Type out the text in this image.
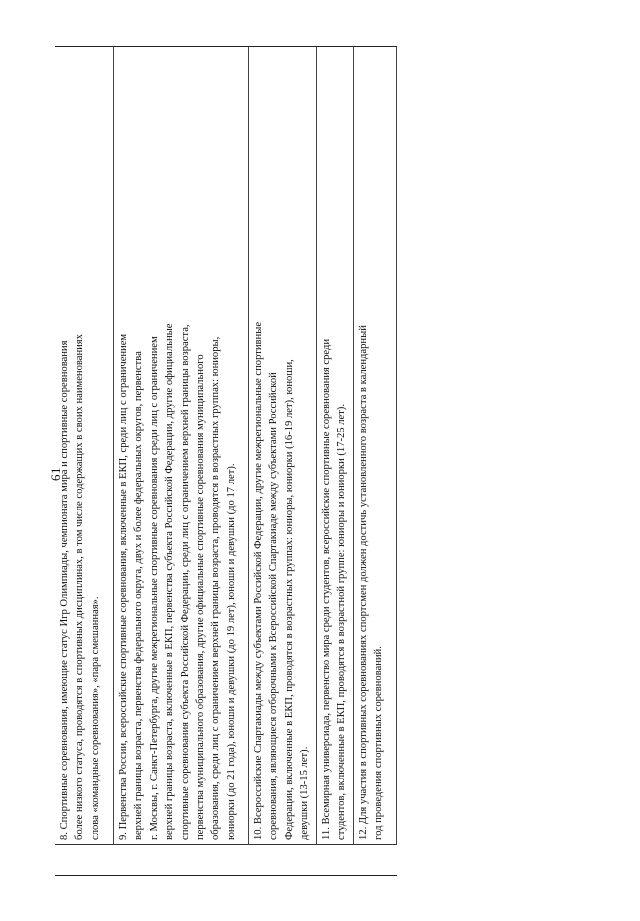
61
8. Спортивные соревнования, имеющие статус Игр Олимпиады, чемпионата мира и спортивные соревнования более низкого статуса, проводятся в спортивных дисциплинах, в том числе содержащих в своих наименованиях слова «командные соревнования», «пара смешанная». 9. Первенства России, всероссийские спортивные соревнования, включенные в ЕКП, среди лиц с ограничением верхней границы возраста, первенства федерального округа, двух и более федеральных округов, первенства г. Москвы, г. Санкт-Петербурга, другие межрегиональные спортивные соревнования среди лиц с ограничением верхней границы возраста, включенные в ЕКП, первенства субъекта Российской Федерации, другие официальные спортивные соревнования субъекта Российской Федерации, среди лиц с ограничением верхней границы возраста, первенства муниципального образования, другие официальные спортивные соревнования муниципального образования, среди лиц с ограничением верхней границы возраста, проводятся в возрастных группах: юниоры, юниорки (до 21 года), юноши и девушки (до 19 лет), юноши и девушки (до 17 лет). 10. Всероссийские Спартакиады между субъектами Российской Федерации, другие межрегиональные спортивные соревнования, являющиеся отборочными к Всероссийской Спартакиаде между субъектами Российской Федерации, включенные в ЕКП, проводятся в возрастных группах: юниоры, юниорки (16-19 лет), юноши, девушки (13-15 лет). 11. Всемирная универсиада, первенство мира среди студентов, всероссийские спортивные соревнования среди студентов, включенные в ЕКП, проводятся в возрастной группе: юниоры и юниорки (17-25 лет). 12. Для участия в спортивных соревнованиях спортсмен должен достичь установленного возраста в календарный год проведения спортивных соревнований.
